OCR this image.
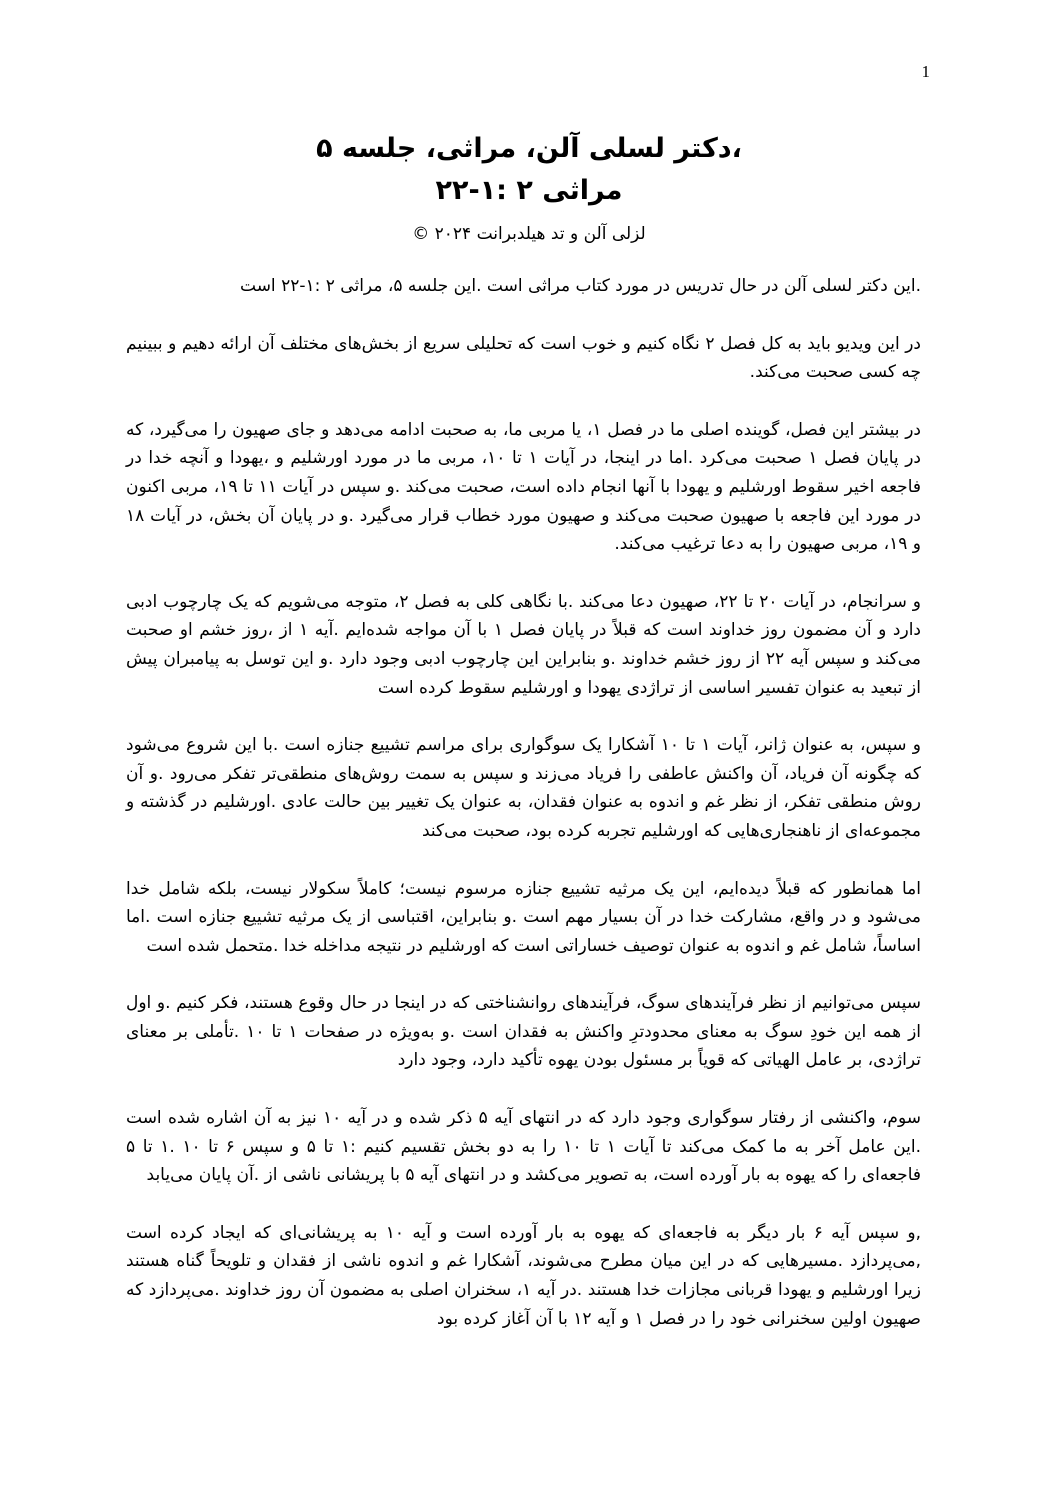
1

،دکتر لسلی آلن، مراثی، جلسه ۵

مراثی ۲ :۱-۲۲

لزلی آلن و تد هیلدبرانت ۲۰۲۴ ©

.این دکتر لسلی آلن در حال تدریس در مورد کتاب مراثی است .این جلسه ۵، مراثی ۲ :۱-۲۲ است

در این ویدیو باید به کل فصل ۲ نگاه کنیم و خوب است که تحلیلی سریع از بخش‌های مختلف آن ارائه دهیم و ببینیم چه کسی صحبت می‌کند.

در بیشتر این فصل، گوینده اصلی ما در فصل ۱، یا مربی ما، به صحبت ادامه می‌دهد و جای صهیون را می‌گیرد، که در پایان فصل ۱ صحبت می‌کرد .اما در اینجا، در آیات ۱ تا ۱۰، مربی ما در مورد اورشلیم و ،یهودا و آنچه خدا در فاجعه اخیر سقوط اورشلیم و یهودا با آنها انجام داده است، صحبت می‌کند .و سپس در آیات ۱۱ تا ۱۹، مربی اکنون در مورد این فاجعه با صهیون صحبت می‌کند و صهیون مورد خطاب قرار می‌گیرد .و در پایان آن بخش، در آیات ۱۸ و ۱۹، مربی صهیون را به دعا ترغیب می‌کند.

و سرانجام، در آیات ۲۰ تا ۲۲، صهیون دعا می‌کند .با نگاهی کلی به فصل ۲، متوجه می‌شویم که یک چارچوب ادبی دارد و آن مضمون روز خداوند است که قبلاً در پایان فصل ۱ با آن مواجه شده‌ایم .آیه ۱ از ،روز خشم او صحبت می‌کند و سپس آیه ۲۲ از روز خشم خداوند .و بنابراین این چارچوب ادبی وجود دارد .و این توسل به پیامبران پیش از تبعید به عنوان تفسیر اساسی از تراژدی یهودا و اورشلیم سقوط کرده است

و سپس، به عنوان ژانر، آیات ۱ تا ۱۰ آشکارا یک سوگواری برای مراسم تشییع جنازه است .با این شروع می‌شود که چگونه آن فریاد، آن واکنش عاطفی را فریاد می‌زند و سپس به سمت روش‌های منطقی‌تر تفکر می‌رود .و آن روش منطقی تفکر، از نظر غم و اندوه به عنوان فقدان، به عنوان یک تغییر بین حالت عادی .اورشلیم در گذشته و مجموعه‌ای از ناهنجاری‌هایی که اورشلیم تجربه کرده بود، صحبت می‌کند

اما همانطور که قبلاً دیده‌ایم، این یک مرثیه تشییع جنازه مرسوم نیست؛ کاملاً سکولار نیست، بلکه شامل خدا می‌شود و در واقع، مشارکت خدا در آن بسیار مهم است .و بنابراین، اقتباسی از یک مرثیه تشییع جنازه است .اما اساساً، شامل غم و اندوه به عنوان توصیف خساراتی است که اورشلیم در نتیجه مداخله خدا .متحمل شده است

سپس می‌توانیم از نظر فرآیندهای سوگ، فرآیندهای روانشناختی که در اینجا در حال وقوع هستند، فکر کنیم .و اول از همه این خودِ سوگ به معنای محدودترِ واکنش به فقدان است .و به‌ویژه در صفحات ۱ تا ۱۰ .تأملی بر معنای تراژدی، بر عامل الهیاتی که قویاً بر مسئول بودن یهوه تأکید دارد، وجود دارد

سوم، واکنشی از رفتار سوگواری وجود دارد که در انتهای آیه ۵ ذکر شده و در آیه ۱۰ نیز به آن اشاره شده است .این عامل آخر به ما کمک می‌کند تا آیات ۱ تا ۱۰ را به دو بخش تقسیم کنیم :۱ تا ۵ و سپس ۶ تا ۱۰ .۱ تا ۵ فاجعه‌ای را که یهوه به بار آورده است، به تصویر می‌کشد و در انتهای آیه ۵ با پریشانی ناشی از .آن پایان می‌یابد

,و سپس آیه ۶ بار دیگر به فاجعه‌ای که یهوه به بار آورده است و آیه ۱۰ به پریشانی‌ای که ایجاد کرده است ,می‌پردازد .مسیرهایی که در این میان مطرح می‌شوند، آشکارا غم و اندوه ناشی از فقدان و تلویحاً گناه هستند زیرا اورشلیم و یهودا قربانی مجازات خدا هستند .در آیه ۱، سخنران اصلی به مضمون آن روز خداوند .می‌پردازد که صهیون اولین سخنرانی خود را در فصل ۱ و آیه ۱۲ با آن آغاز کرده بود
